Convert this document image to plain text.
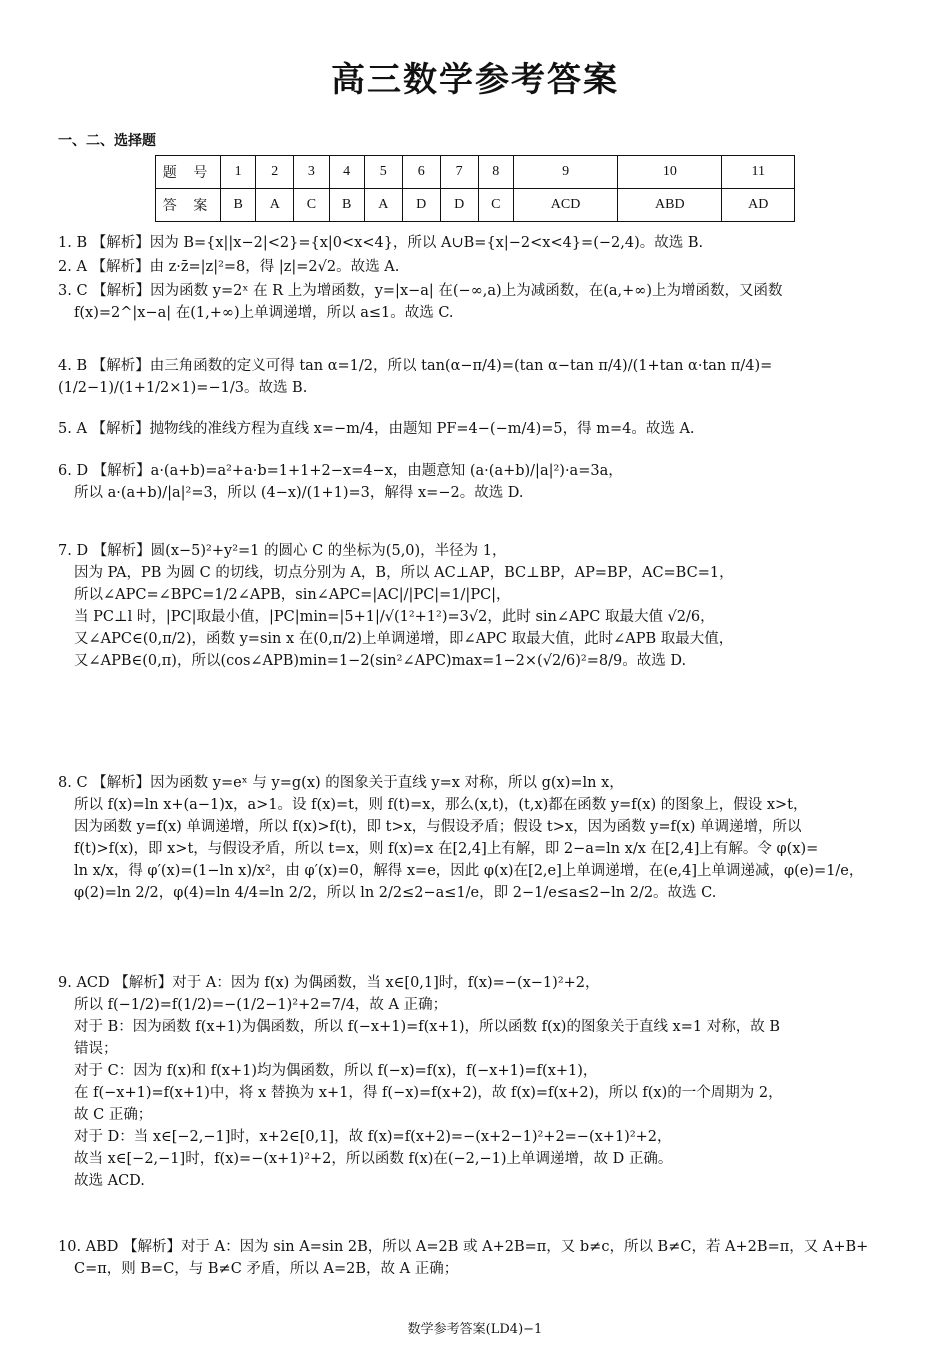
高三数学参考答案
一、二、选择题
题 号	1	2	3	4	5	6	7	8	9	10	11
答 案	B	A	C	B	A	D	D	C	ACD	ABD	AD

1. B 【解析】因为 B={x||x−2|<2}={x|0<x<4}，所以 A∪B={x|−2<x<4}=(−2,4)。故选 B.

2. A 【解析】由 z·z̄=|z|²=8，得 |z|=2√2。故选 A.

3. C 【解析】因为函数 y=2ˣ 在 R 上为增函数，y=|x−a| 在(−∞,a)上为减函数，在(a,+∞)上为增函数，又函数

f(x)=2^|x−a| 在(1,+∞)上单调递增，所以 a≤1。故选 C.

4. B 【解析】由三角函数的定义可得 tan α=1/2，所以 tan(α−π/4)=(tan α−tan π/4)/(1+tan α·tan π/4)=(1/2−1)/(1+1/2×1)=−1/3。故选 B.

5. A 【解析】抛物线的准线方程为直线 x=−m/4，由题知 PF=4−(−m/4)=5，得 m=4。故选 A.

6. D 【解析】a·(a+b)=a²+a·b=1+1+2−x=4−x，由题意知 (a·(a+b)/|a|²)·a=3a，

所以 a·(a+b)/|a|²=3，所以 (4−x)/(1+1)=3，解得 x=−2。故选 D.

7. D 【解析】圆(x−5)²+y²=1 的圆心 C 的坐标为(5,0)，半径为 1，

因为 PA，PB 为圆 C 的切线，切点分别为 A，B，所以 AC⊥AP，BC⊥BP，AP=BP，AC=BC=1，

所以∠APC=∠BPC=1/2∠APB，sin∠APC=|AC|/|PC|=1/|PC|，

当 PC⊥l 时，|PC|取最小值，|PC|min=|5+1|/√(1²+1²)=3√2，此时 sin∠APC 取最大值 √2/6，

又∠APC∈(0,π/2)，函数 y=sin x 在(0,π/2)上单调递增，即∠APC 取最大值，此时∠APB 取最大值，

又∠APB∈(0,π)，所以(cos∠APB)min=1−2(sin²∠APC)max=1−2×(√2/6)²=8/9。故选 D.

8. C 【解析】因为函数 y=eˣ 与 y=g(x) 的图象关于直线 y=x 对称，所以 g(x)=ln x，

所以 f(x)=ln x+(a−1)x，a>1。设 f(x)=t，则 f(t)=x，那么(x,t)，(t,x)都在函数 y=f(x) 的图象上，假设 x>t，

因为函数 y=f(x) 单调递增，所以 f(x)>f(t)，即 t>x，与假设矛盾；假设 t>x，因为函数 y=f(x) 单调递增，所以

f(t)>f(x)，即 x>t，与假设矛盾，所以 t=x，则 f(x)=x 在[2,4]上有解，即 2−a=ln x/x 在[2,4]上有解。令 φ(x)=

ln x/x，得 φ′(x)=(1−ln x)/x²，由 φ′(x)=0，解得 x=e，因此 φ(x)在[2,e]上单调递增，在(e,4]上单调递减，φ(e)=1/e，

φ(2)=ln 2/2，φ(4)=ln 4/4=ln 2/2，所以 ln 2/2≤2−a≤1/e，即 2−1/e≤a≤2−ln 2/2。故选 C.

9. ACD 【解析】对于 A：因为 f(x) 为偶函数，当 x∈[0,1]时，f(x)=−(x−1)²+2，

所以 f(−1/2)=f(1/2)=−(1/2−1)²+2=7/4，故 A 正确；

对于 B：因为函数 f(x+1)为偶函数，所以 f(−x+1)=f(x+1)，所以函数 f(x)的图象关于直线 x=1 对称，故 B

错误；

对于 C：因为 f(x)和 f(x+1)均为偶函数，所以 f(−x)=f(x)，f(−x+1)=f(x+1)，

在 f(−x+1)=f(x+1)中，将 x 替换为 x+1，得 f(−x)=f(x+2)，故 f(x)=f(x+2)，所以 f(x)的一个周期为 2，

故 C 正确；

对于 D：当 x∈[−2,−1]时，x+2∈[0,1]，故 f(x)=f(x+2)=−(x+2−1)²+2=−(x+1)²+2，

故当 x∈[−2,−1]时，f(x)=−(x+1)²+2，所以函数 f(x)在(−2,−1)上单调递增，故 D 正确。

故选 ACD.

10. ABD 【解析】对于 A：因为 sin A=sin 2B，所以 A=2B 或 A+2B=π，又 b≠c，所以 B≠C，若 A+2B=π，又 A+B+

C=π，则 B=C，与 B≠C 矛盾，所以 A=2B，故 A 正确；

数学参考答案(LD4)−1
